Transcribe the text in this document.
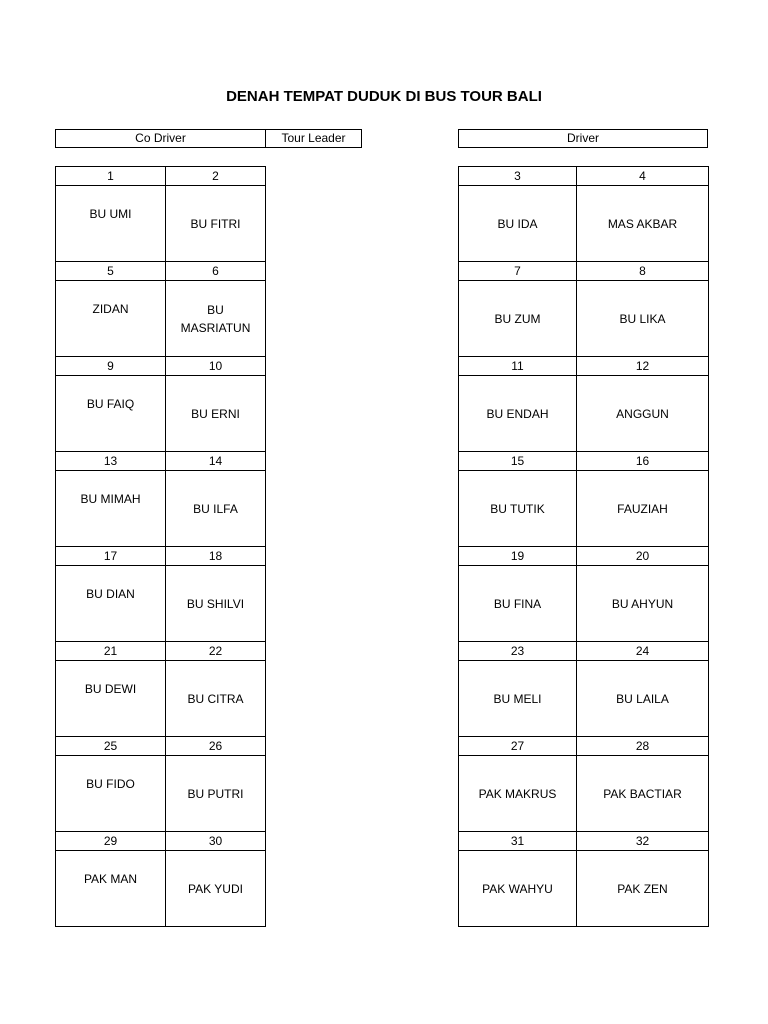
DENAH TEMPAT DUDUK DI BUS TOUR BALI
Co Driver	Tour Leader	Driver
1	2

BU UMI	BU FITRI

5	6

ZIDAN	BU MASRIATUN

9	10

BU FAIQ	BU ERNI

13	14

BU MIMAH	BU ILFA

17	18

BU DIAN	BU SHILVI

21	22

BU DEWI	BU CITRA

25	26

BU FIDO	BU PUTRI

29	30

PAK MAN	PAK YUDI
3	4

BU IDA	MAS AKBAR

7	8

BU ZUM	BU LIKA

11	12

BU ENDAH	ANGGUN

15	16

BU TUTIK	FAUZIAH

19	20

BU FINA	BU AHYUN

23	24

BU MELI	BU LAILA

27	28

PAK MAKRUS	PAK BACTIAR

31	32

PAK WAHYU	PAK ZEN
